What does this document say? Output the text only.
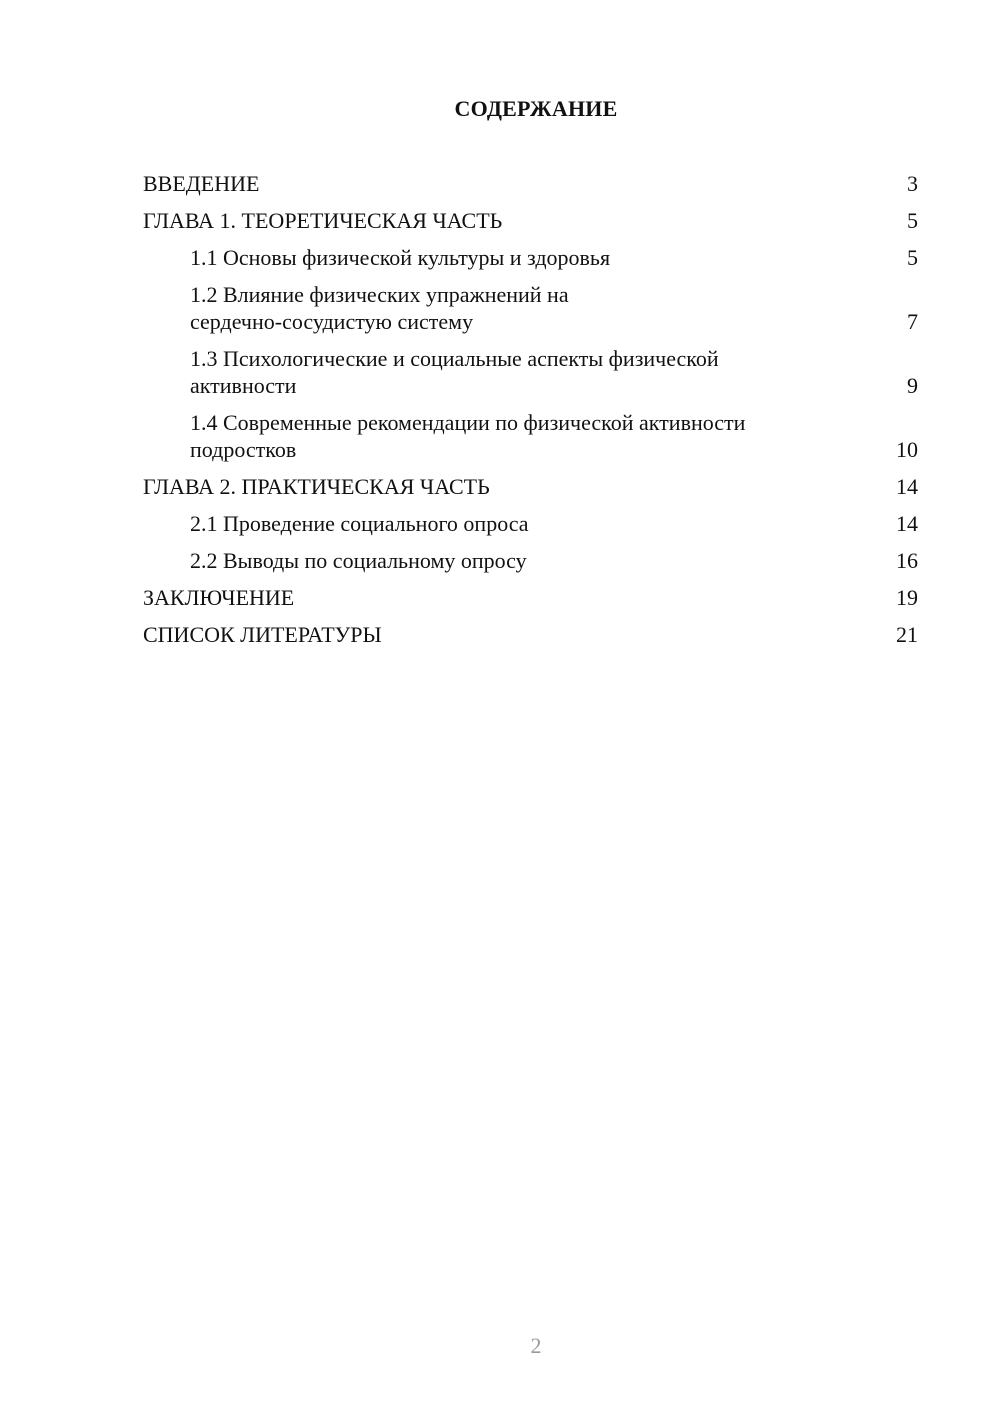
СОДЕРЖАНИЕ
ВВЕДЕНИЕ	3
ГЛАВА 1. ТЕОРЕТИЧЕСКАЯ ЧАСТЬ	5
1.1 Основы физической культуры и здоровья	5
1.2 Влияние физических упражнений на сердечно-сосудистую систему	7
1.3 Психологические и социальные аспекты физической активности	9
1.4 Современные рекомендации по физической активности подростков	10
ГЛАВА 2. ПРАКТИЧЕСКАЯ ЧАСТЬ	14
2.1 Проведение социального опроса	14
2.2 Выводы по социальному опросу	16
ЗАКЛЮЧЕНИЕ	19
СПИСОК ЛИТЕРАТУРЫ	21
2
